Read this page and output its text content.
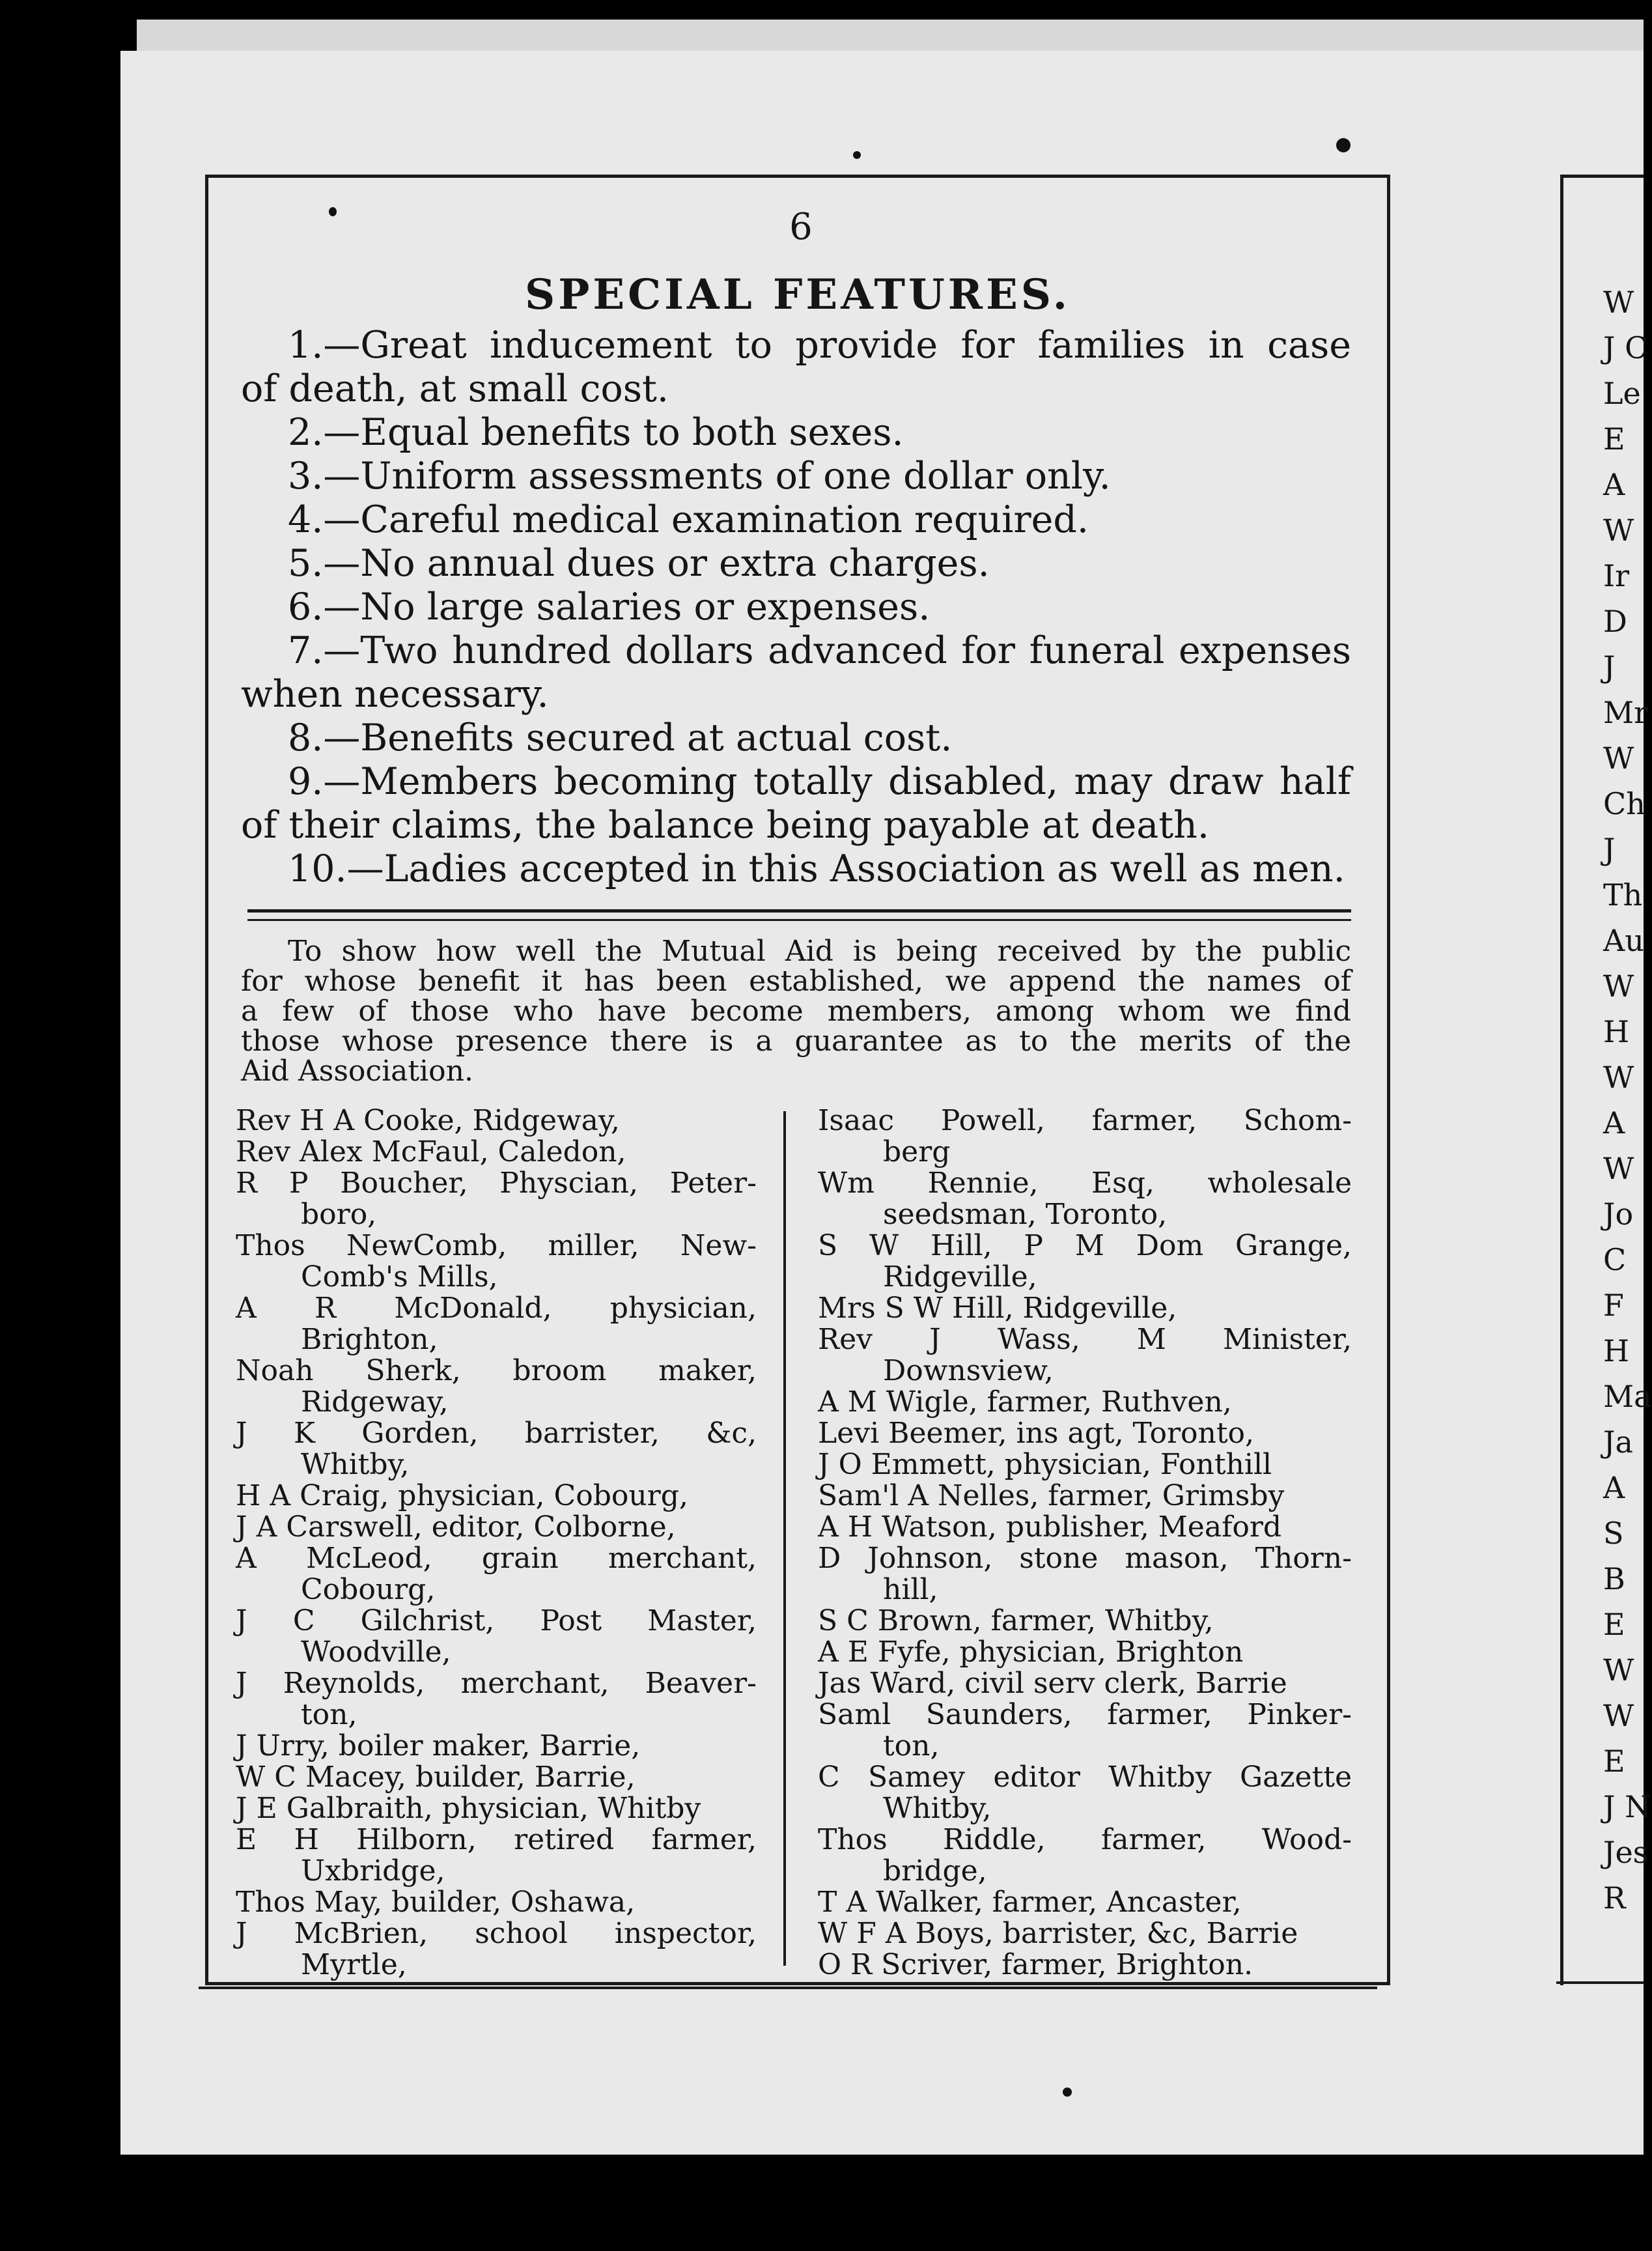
6
SPECIAL FEATURES.
1.—Great inducement to provide for families in case
of death, at small cost.
2.—Equal benefits to both sexes.
3.—Uniform assessments of one dollar only.
4.—Careful medical examination required.
5.—No annual dues or extra charges.
6.—No large salaries or expenses.
7.—Two hundred dollars advanced for funeral expenses
when necessary.
8.—Benefits secured at actual cost.
9.—Members becoming totally disabled, may draw half
of their claims, the balance being payable at death.
10.—Ladies accepted in this Association as well as men.
To show how well the Mutual Aid is being received by the public
for whose benefit it has been established, we append the names of
a few of those who have become members, among whom we find
those whose presence there is a guarantee as to the merits of the
Aid Association.
Rev H A Cooke, Ridgeway,
Rev Alex McFaul, Caledon,
R P Boucher, Physcian, Peter-
boro,
Thos NewComb, miller, New-
Comb's Mills,
A R McDonald, physician,
Brighton,
Noah Sherk, broom maker,
Ridgeway,
J K Gorden, barrister, &c,
Whitby,
H A Craig, physician, Cobourg,
J A Carswell, editor, Colborne,
A McLeod, grain merchant,
Cobourg,
J C Gilchrist, Post Master,
Woodville,
J Reynolds, merchant, Beaver-
ton,
J Urry, boiler maker, Barrie,
W C Macey, builder, Barrie,
J E Galbraith, physician, Whitby
E H Hilborn, retired farmer,
Uxbridge,
Thos May, builder, Oshawa,
J McBrien, school inspector,
Myrtle,
Isaac Powell, farmer, Schom-
berg
Wm Rennie, Esq, wholesale
seedsman, Toronto,
S W Hill, P M Dom Grange,
Ridgeville,
Mrs S W Hill, Ridgeville,
Rev J Wass, M Minister,
Downsview,
A M Wigle, farmer, Ruthven,
Levi Beemer, ins agt, Toronto,
J O Emmett, physician, Fonthill
Sam'l A Nelles, farmer, Grimsby
A H Watson, publisher, Meaford
D Johnson, stone mason, Thorn-
hill,
S C Brown, farmer, Whitby,
A E Fyfe, physician, Brighton
Jas Ward, civil serv clerk, Barrie
Saml Saunders, farmer, Pinker-
ton,
C Samey editor Whitby Gazette
Whitby,
Thos Riddle, farmer, Wood-
bridge,
T A Walker, farmer, Ancaster,
W F A Boys, barrister, &c, Barrie
O R Scriver, farmer, Brighton.
W
J C
Le
E
A
W
Ir
D
J
Mr
W
Ch
J
Th
Au
W
H
W
A
W
Jo
C
F
H
Ma
Ja
A
S
B
E
W
W
E
J N
Jes
R
